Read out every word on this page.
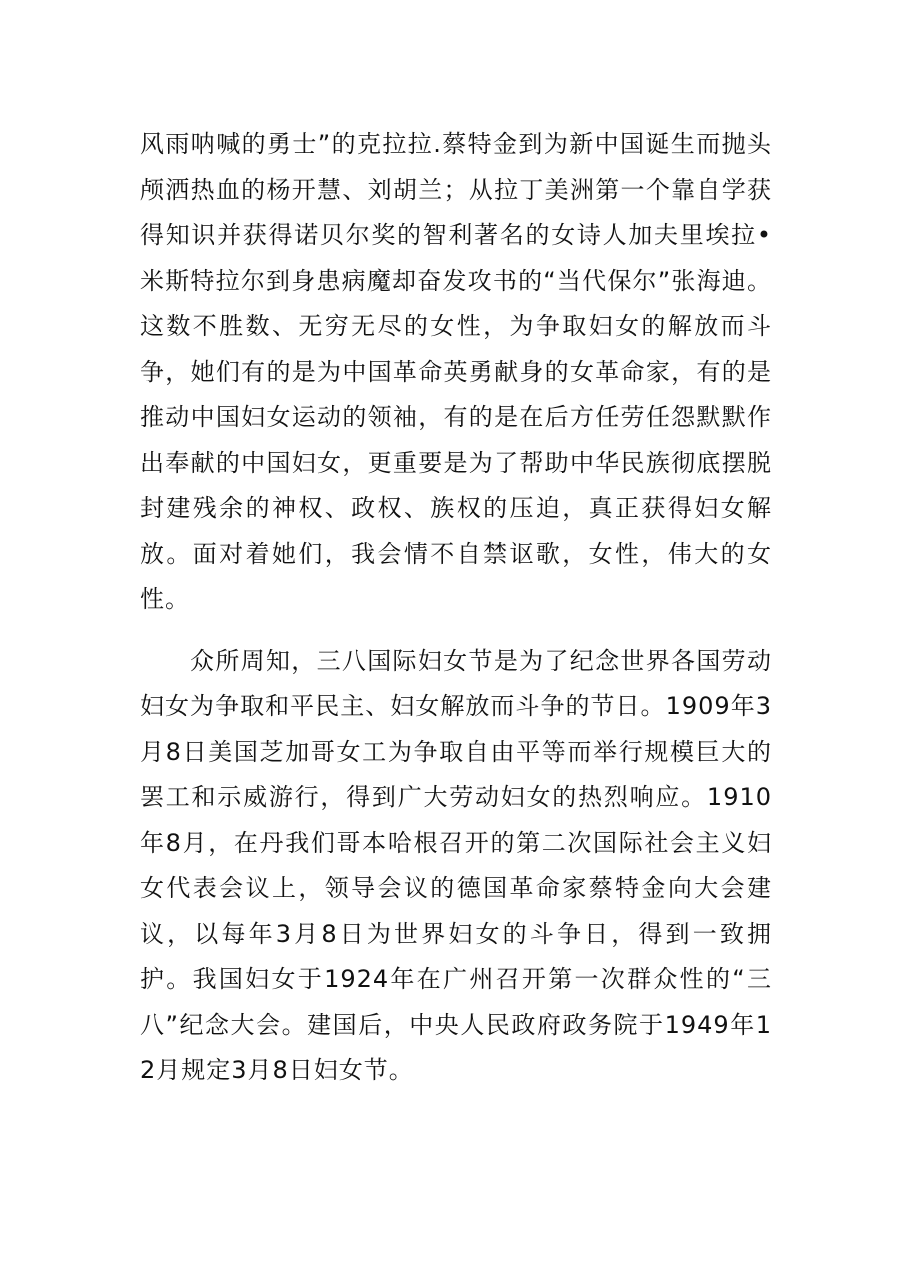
风雨呐喊的勇士”的克拉拉.蔡特金到为新中国诞生而抛头颅洒热血的杨开慧、刘胡兰；从拉丁美洲第一个靠自学获得知识并获得诺贝尔奖的智利著名的女诗人加夫里埃拉•米斯特拉尔到身患病魔却奋发攻书的“当代保尔”张海迪。这数不胜数、无穷无尽的女性，为争取妇女的解放而斗争，她们有的是为中国革命英勇献身的女革命家，有的是推动中国妇女运动的领袖，有的是在后方任劳任怨默默作出奉献的中国妇女，更重要是为了帮助中华民族彻底摆脱封建残余的神权、政权、族权的压迫，真正获得妇女解放。面对着她们，我会情不自禁讴歌，女性，伟大的女性。

众所周知，三八国际妇女节是为了纪念世界各国劳动妇女为争取和平民主、妇女解放而斗争的节日。1909年3月8日美国芝加哥女工为争取自由平等而举行规模巨大的罢工和示威游行，得到广大劳动妇女的热烈响应。1910年8月，在丹我们哥本哈根召开的第二次国际社会主义妇女代表会议上，领导会议的德国革命家蔡特金向大会建议，以每年3月8日为世界妇女的斗争日，得到一致拥护。我国妇女于1924年在广州召开第一次群众性的“三八”纪念大会。建国后，中央人民政府政务院于1949年12月规定3月8日妇女节。
